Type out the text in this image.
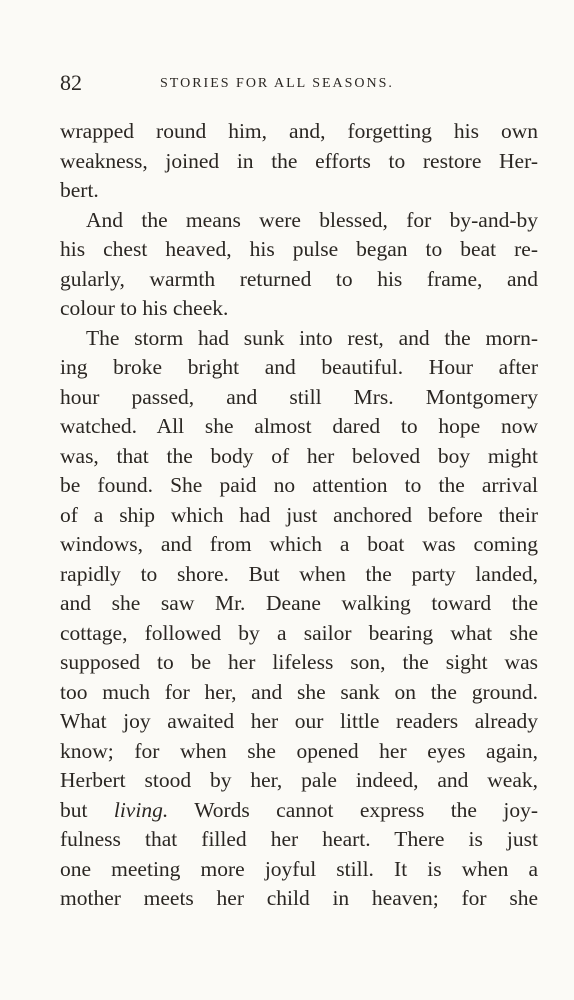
82	STORIES FOR ALL SEASONS.
wrapped round him, and, forgetting his own
weakness, joined in the efforts to restore Her-
bert.
And the means were blessed, for by-and-by
his chest heaved, his pulse began to beat re-
gularly, warmth returned to his frame, and
colour to his cheek.
The storm had sunk into rest, and the morn-
ing broke bright and beautiful. Hour after
hour passed, and still Mrs. Montgomery
watched. All she almost dared to hope now
was, that the body of her beloved boy might
be found. She paid no attention to the arrival
of a ship which had just anchored before their
windows, and from which a boat was coming
rapidly to shore. But when the party landed,
and she saw Mr. Deane walking toward the
cottage, followed by a sailor bearing what she
supposed to be her lifeless son, the sight was
too much for her, and she sank on the ground.
What joy awaited her our little readers already
know; for when she opened her eyes again,
Herbert stood by her, pale indeed, and weak,
but living. Words cannot express the joy-
fulness that filled her heart. There is just
one meeting more joyful still. It is when a
mother meets her child in heaven; for she
